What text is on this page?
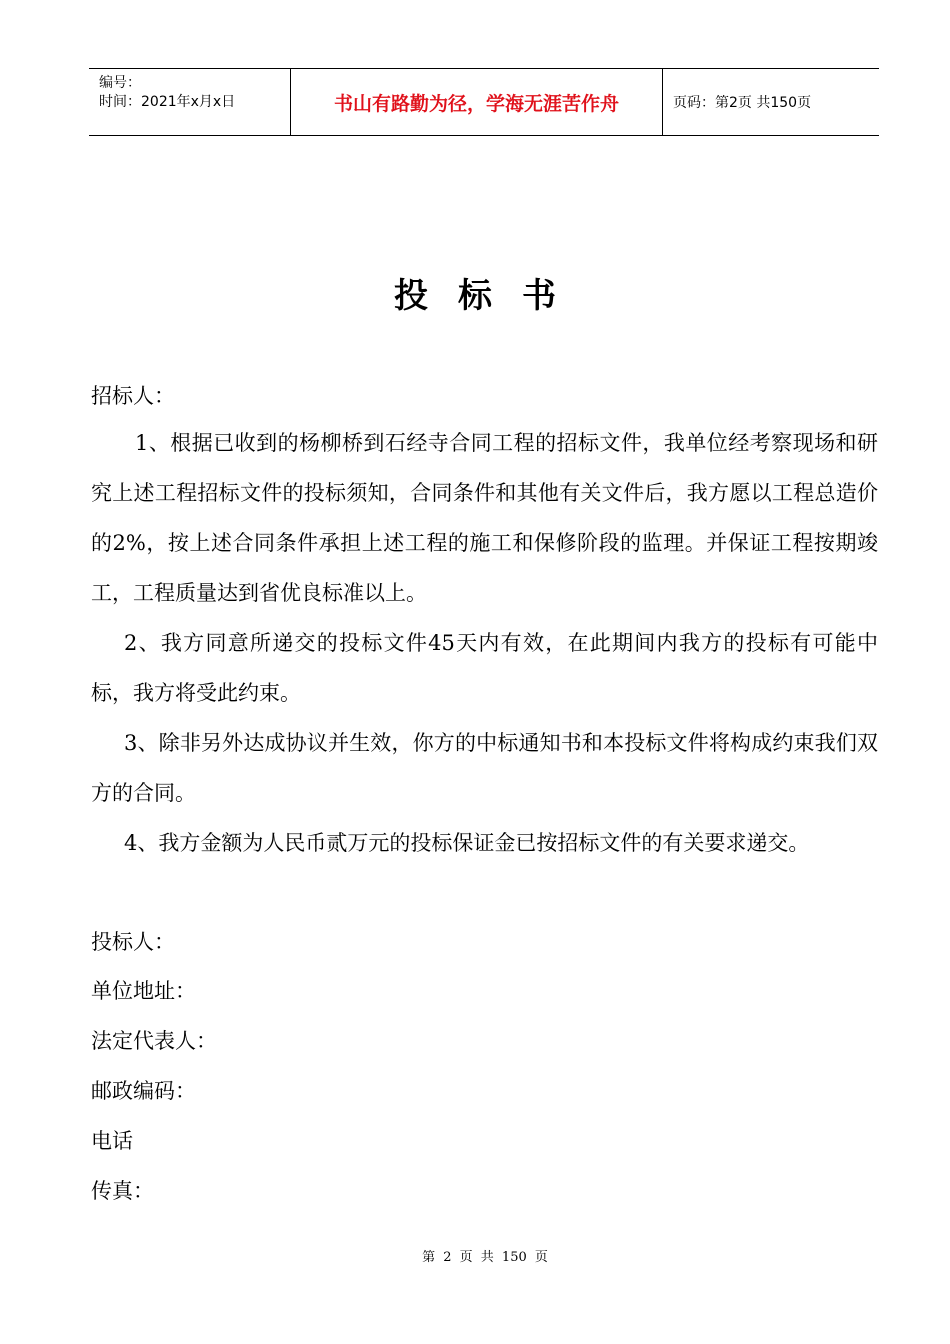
编号：
时间：2021年x月x日	书山有路勤为径，学海无涯苦作舟	页码：第2页 共150页
投标书
招标人：
1、根据已收到的杨柳桥到石经寺合同工程的招标文件，我单位经考察现场和研究上述工程招标文件的投标须知，合同条件和其他有关文件后，我方愿以工程总造价的2%，按上述合同条件承担上述工程的施工和保修阶段的监理。并保证工程按期竣工，工程质量达到省优良标准以上。
2、我方同意所递交的投标文件45天内有效，在此期间内我方的投标有可能中标，我方将受此约束。
3、除非另外达成协议并生效，你方的中标通知书和本投标文件将构成约束我们双方的合同。
4、我方金额为人民币贰万元的投标保证金已按招标文件的有关要求递交。
投标人：
单位地址：
法定代表人：
邮政编码：
电话
传真：
第 2 页 共 150 页
